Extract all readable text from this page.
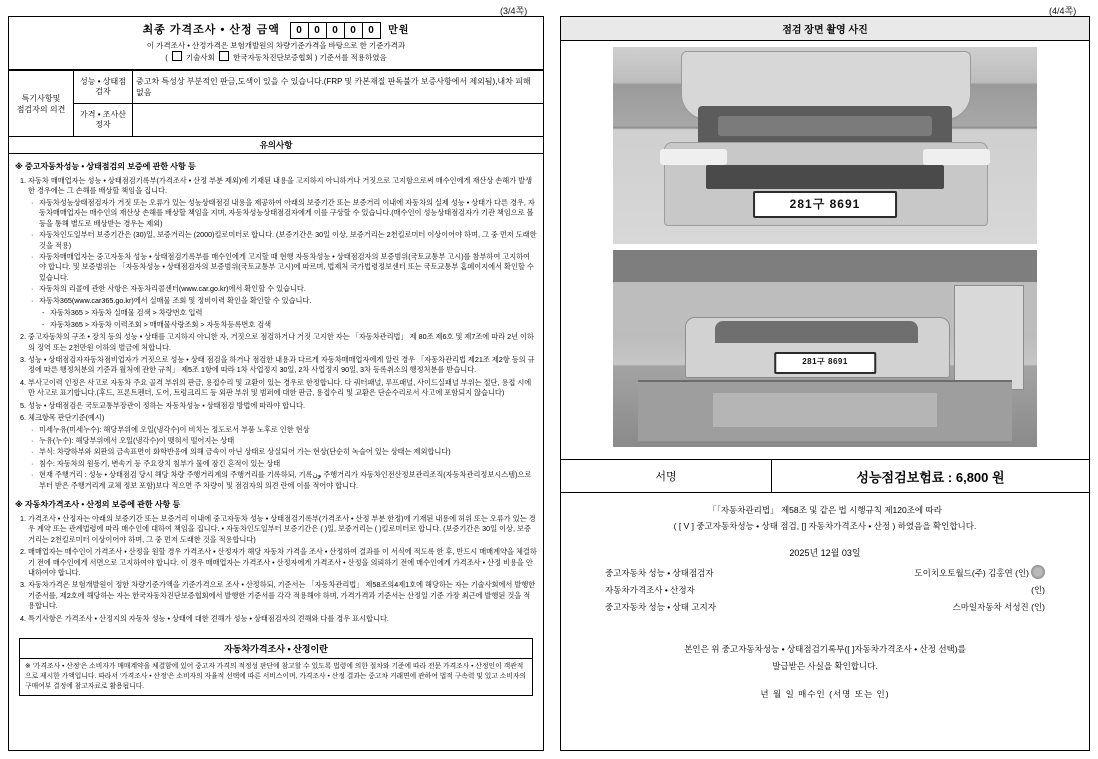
(3/4쪽)	(4/4쪽)
최종 가격조사 • 산정 금액 0 0 0 0 0 만원
이 가격조사 • 산정가격은 보험개발원의 차량기준가격을 바탕으로 한 기준가격과
( 기술사회 한국자동차진단보증협회 ) 기준서를 적용하였음
특기사항및
점검자의 의견	성능 • 상태점검자	중고차 특성상 부분적인 판금,도색이 있을 수 있습니다.(FRP 및 카본재질 판독불가 보증사항에서 제외됨),내차 피해 없음
	가격 • 조사산정자	
유의사항
※ 중고자동차성능 • 상태점검의 보증에 관한 사항 등
1. 자동차 매매업자는 성능 • 상태점검기록부(가격조사 • 산정 부분 제외)에 기재된 내용을 고지하지 아니하거나 거짓으로 고지함으로써 매수인에게 재산상 손해가 발생한 경우에는 그 손해를 배상할 책임을 집니다.
· 자동차성능상태점검자가 거짓 또는 오류가 있는 성능상태점검 내용을 제공하여 아래의 보증기간 또는 보증거리 이내에 자동차의 실제 성능 • 상태가 다른 경우, 자동차매매업자는 매수인의 재산상 손해를 배상할 책임을 지며, 자동차성능상태점검자에게 이를 구상할 수 있습니다.(매수인이 성능상태점검자가 기관 책임으로 볼 등을 통해 별도로 배상받는 경우는 제외)
· 자동차인도일부터 보증기간은 (30)일, 보증거리는 (2000)킬로미터로 합니다. (보증기간은 30일 이상, 보증거리는 2천킬로미터 이상이어야 하며, 그 중 먼저 도래한 것을 적용)
· 자동차매매업자는 중고자동차 성능 • 상태점검기록부를 매수인에게 고지할 때 현행 자동차성능 • 상태점검자의 보증범위(국토교통부 고시)를 참부하여 고지하여야 합니다. 및 보증범위는 「자동차성능 • 상태점검자의 보증범위(국토교통부 고시)에 따르며, 법제처 국가법령정보센터 또는 국토교통부 홈페이지에서 확인할 수 있습니다.
· 자동차의 리콜에 관한 사항은 자동차리콜센터(www.car.go.kr)에서 확인할 수 있습니다.
· 자동차365(www.car365.go.kr)에서 실매물 조회 및 정비이력 확인을 확인할 수 있습니다.
- 자동차365 > 자동차 실매물 검색 > 차량번호 입력
- 자동차365 > 자동차 이력조회 > 매매물사랑조회 > 자동차등록번호 검색
2. 중고자동차의 구조 • 장치 등의 성능 • 상태를 고지하지 아니한 자, 거짓으로 점검하거나 거짓 고지한 자는 「자동차관리법」 제 80조 제6호 및 제7조에 따라 2년 이하의 징역 또는 2천만원 이하의 벌금에 처합니다.
3. 성능 • 상태점검자자동차점비업자가 거짓으로 성능 • 상태 점검을 하거나 점검한 내용과 다르게 자동차매매업자에게 알린 경우 「자동차관리법 제21조 제2항 등의 규정에 따른 행정처분의 기준과 월처에 관한 규칙」 제5조 1항에 따라 1차 사업정지 30일, 2차 사업정지 90일, 3차 등록취소의 행정처분를 받습니다.
4. 부사고이력 인정은 사고로 자동차 주요 골격 부위의 판금, 용접수리 및 교환이 있는 경우로 한정합니다. 다 쿼터패널, 루프패널, 사이드실패널 부위는 절단, 용접 시에만 사고로 표기합니다.(후드, 프론트펜더, 도어, 트렁크리드 등 외판 부위 및 범퍼에 대한 판금, 용접수리 및 교환은 단순수리로서 사고에 포함되지 않습니다)
5. 성능 • 상태점검은 국토교통부장관이 정하는 자동차성능 • 상태점검 방법에 따라야 합니다.
6. 체크항목 판단기준(예시)
· 미세누유(미세누수): 해당부위에 오일(냉각수)이 비치는 정도로서 부품 노후로 인한 현상
· 누유(누수): 해당부위에서 오일(냉각수)이 맺혀서 떨어지는 상태
· 부식: 차량하부와 외판의 금속표면이 화학반응에 의해 금속이 아닌 상태로 상실되어 가는 현상(단순히 녹슬어 있는 상태는 제외합니다)
· 침수: 자동차의 원동기, 변속기 등 주요장치 침부가 물에 잠긴 흔적이 있는 상태
· 현재 주행거리 : 성능 • 상태점검 당시 해당 차량 주행거리계의 주행거리를 기록하되, 기록ون 주행거리가 자동차인전산정보관리조직(자동차관리정보시스템)으로부터 받은 주행거리계 교체 정보 포함)보다 적으면 주 차량이 및 점검자의 의견 란에 이를 적어야 합니다.
※ 자동차가격조사 • 산정의 보증에 관한 사항 등
1. 가격조사 • 산정자는 아래의 보증기간 또는 보증거리 이내에 중고자동차 성능 • 상태점검기록부(가격조사 • 산정 부분 한정)에 기재된 내용에 허위 또는 오류가 있는 경우 계약 또는 관계법령에 따라 매수인에 대하여 책임을 집니다. • 자동차인도일부터 보증기간은 ( )일, 보증거리는 ( )킬로미터로 합니다. (보증기간은 30일 이상, 보증거리는 2천킬로미터 이상이어야 하며, 그 중 먼저 도래한 것을 적용합니다)
2. 매매업자는 매수인이 가격조사 • 산정을 원할 경우 가격조사 • 산정자가 해당 자동차 가격을 조사 • 산정하여 결과를 이 서식에 적도록 한 후, 반드시 매매계약을 체결하기 전에 매수인에게 서면으로 고지하여야 합니다. 이 경우 매매업자는 가격조사 • 산정자에게 가격조사 • 산정을 의뢰하기 전에 매수인에게 가격조사 • 산정 비용을 안내하여야 합니다.
3. 자동차가격은 보험개발원이 정한 차량기준가액을 기준가격으로 조사 • 산정하되, 기준서는 「자동차관리법」 제58조의4제1호에 해당하는 자는 기술사회에서 발행한 기준서를, 제2호에 해당하는 자는 한국자동차진단보증협회에서 발행한 기준서를 각각 적용해야 하며, 가격가격과 기준서는 산정일 기준 가장 최근에 발행된 것을 적용합니다.
4. 특기사항은 가격조사 • 산정지의 자동차 성능 • 상태에 대한 견해가 성능 • 상태점검자의 견해와 다를 경우 표시합니다.
자동차가격조사 • 산정이란
※ '가격조사 • 산정'은 소비자가 매매계약을 체결함에 있어 중고자 가격의 적정성 판단에 참고할 수 있도록 법령에 의한 절차와 기준에 따라 전문 가격조사 • 산정인이 객관적으로 제시한 가액입니다. 따라서 '가격조사 • 산정'은 소비자의 자율적 선택에 따른 서비스이며, 가격조사 • 산정 결과는 중고차 거래면에 관하여 법적 구속력 및 있고 소비자의 구매여부 결정에 참고자료로 활용됩니다.
점검 장면 촬영 사진
281구 8691
281구 8691
서명	성능점검보험료 : 6,800 원
「「자동차관리법」 제58조 및 같은 법 시행규칙 제120조에 따라
( [ V ] 중고자동차성능 • 상태 점검, [] 자동차가격조사 • 산정 ) 하였음을 확인합니다.
2025년 12월 03일
중고자동차 성능 • 상태점검자	도이치오토월드(주) 김홍연 (인)
자동차가격조사 • 산정자	(인)
중고자동차 성능 • 상태 고지자	스마일자동차 서성진 (인)
본인은 위 중고자동차성능 • 상태점검기록부([ ]자동차가격조사 • 산정 선택)를
발급받은 사실을 확인합니다.
년 월 일 매수인 (서명 또는 인)
